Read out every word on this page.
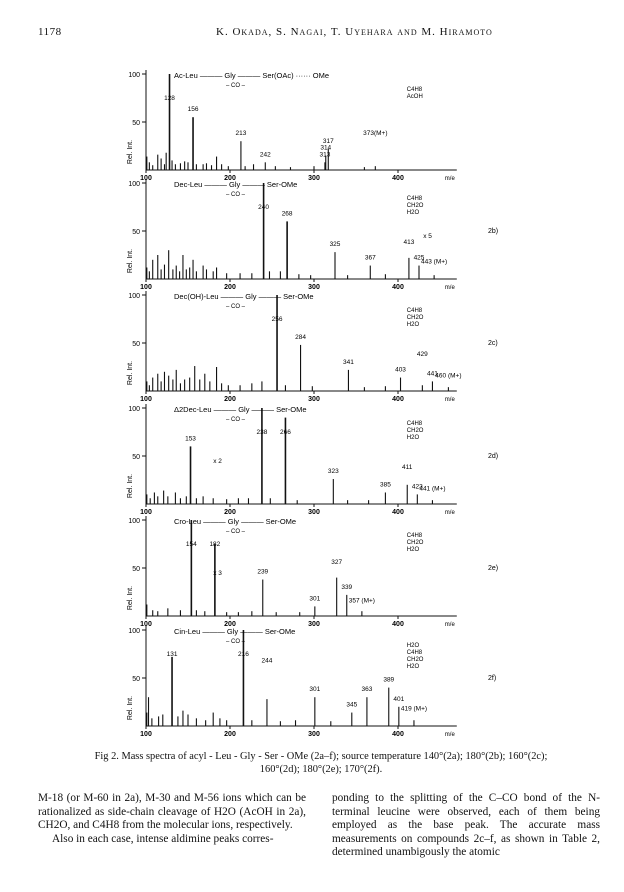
1178	K. Okada, S. Nagai, T. Uyehara and M. Hiramoto
50
100
Rel. Int.
100	200	300	400	m/e
128
156
213
317
314
313
242
373(M+)
Ac-Leu ——— Gly ——— Ser(OAc) ······ OMe
– CO –
C4H8
AcOH
50
100
Rel. Int.
100	200	300	400	m/e
240
268
325
367
413
425
443 (M+)
Dec-Leu ——— Gly ——— Ser-OMe
– CO –
C4H8
CH2O
H2O
x 5
2b)
50
100
Rel. Int.
100	200	300	400	m/e
256
284
341
403
429
441
460 (M+)
Dec(OH)-Leu ——— Gly ——— Ser-OMe
– CO –
C4H8
CH2O
H2O
2c)
50
100
Rel. Int.
100	200	300	400	m/e
153
238 266
323
385
411
423
441 (M+)
Δ2Dec-Leu ——— Gly ——— Ser-OMe
– CO –
C4H8
CH2O
H2O
x 2
2d)
50
100
Rel. Int.
100	200	300	400	m/e
154 182
239
301
327
339
357 (M+)
Cro-Leu ——— Gly ——— Ser-OMe
– CO –
C4H8
CH2O
H2O
x 3
2e)
50
100
Rel. Int.
100	200	300	400	m/e
131	216
244
301
345
363
389
401
419 (M+)
Cin-Leu ——— Gly ——— Ser-OMe
– CO –
H2O
C4H8
CH2O
H2O
2f)
Fig 2. Mass spectra of acyl - Leu - Gly - Ser - OMe (2a–f); source temperature 140°(2a); 180°(2b); 160°(2c); 160°(2d); 180°(2e); 170°(2f).

M-18 (or M-60 in 2a), M-30 and M-56 ions which can be rationalized as side-chain cleavage of H2O (AcOH in 2a), CH2O, and C4H8 from the molecular ions, respectively.

Also in each case, intense aldimine peaks corres-

ponding to the splitting of the C–CO bond of the N-terminal leucine were observed, each of them being employed as the base peak. The accurate mass measurements on compounds 2c–f, as shown in Table 2, determined unambigously the atomic
